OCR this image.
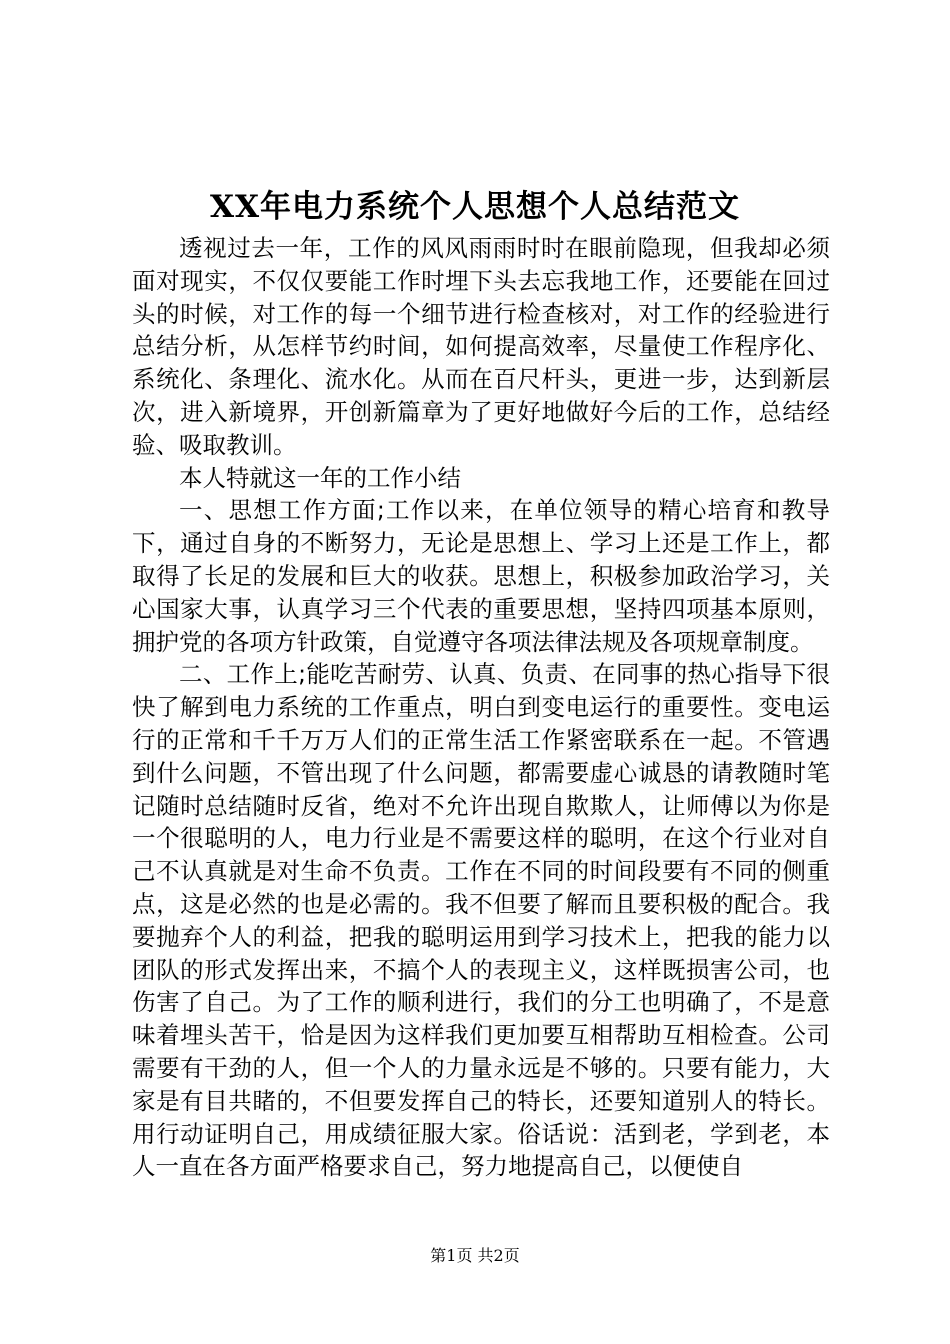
XX年电力系统个人思想个人总结范文

透视过去一年，工作的风风雨雨时时在眼前隐现，但我却必须面对现实，不仅仅要能工作时埋下头去忘我地工作，还要能在回过头的时候，对工作的每一个细节进行检查核对，对工作的经验进行总结分析，从怎样节约时间，如何提高效率，尽量使工作程序化、系统化、条理化、流水化。从而在百尺杆头，更进一步，达到新层次，进入新境界，开创新篇章为了更好地做好今后的工作，总结经验、吸取教训。

本人特就这一年的工作小结

一、思想工作方面;工作以来，在单位领导的精心培育和教导下，通过自身的不断努力，无论是思想上、学习上还是工作上，都取得了长足的发展和巨大的收获。思想上，积极参加政治学习，关心国家大事，认真学习三个代表的重要思想，坚持四项基本原则，拥护党的各项方针政策，自觉遵守各项法律法规及各项规章制度。

二、工作上;能吃苦耐劳、认真、负责、在同事的热心指导下很快了解到电力系统的工作重点，明白到变电运行的重要性。变电运行的正常和千千万万人们的正常生活工作紧密联系在一起。不管遇到什么问题，不管出现了什么问题，都需要虚心诚恳的请教随时笔记随时总结随时反省，绝对不允许出现自欺欺人，让师傅以为你是一个很聪明的人，电力行业是不需要这样的聪明，在这个行业对自己不认真就是对生命不负责。工作在不同的时间段要有不同的侧重点，这是必然的也是必需的。我不但要了解而且要积极的配合。我要抛弃个人的利益，把我的聪明运用到学习技术上，把我的能力以团队的形式发挥出来，不搞个人的表现主义，这样既损害公司，也伤害了自己。为了工作的顺利进行，我们的分工也明确了，不是意味着埋头苦干，恰是因为这样我们更加要互相帮助互相检查。公司需要有干劲的人，但一个人的力量永远是不够的。只要有能力，大家是有目共睹的，不但要发挥自己的特长，还要知道别人的特长。用行动证明自己，用成绩征服大家。俗话说：活到老，学到老，本人一直在各方面严格要求自己，努力地提高自己，以便使自

第1页 共2页
